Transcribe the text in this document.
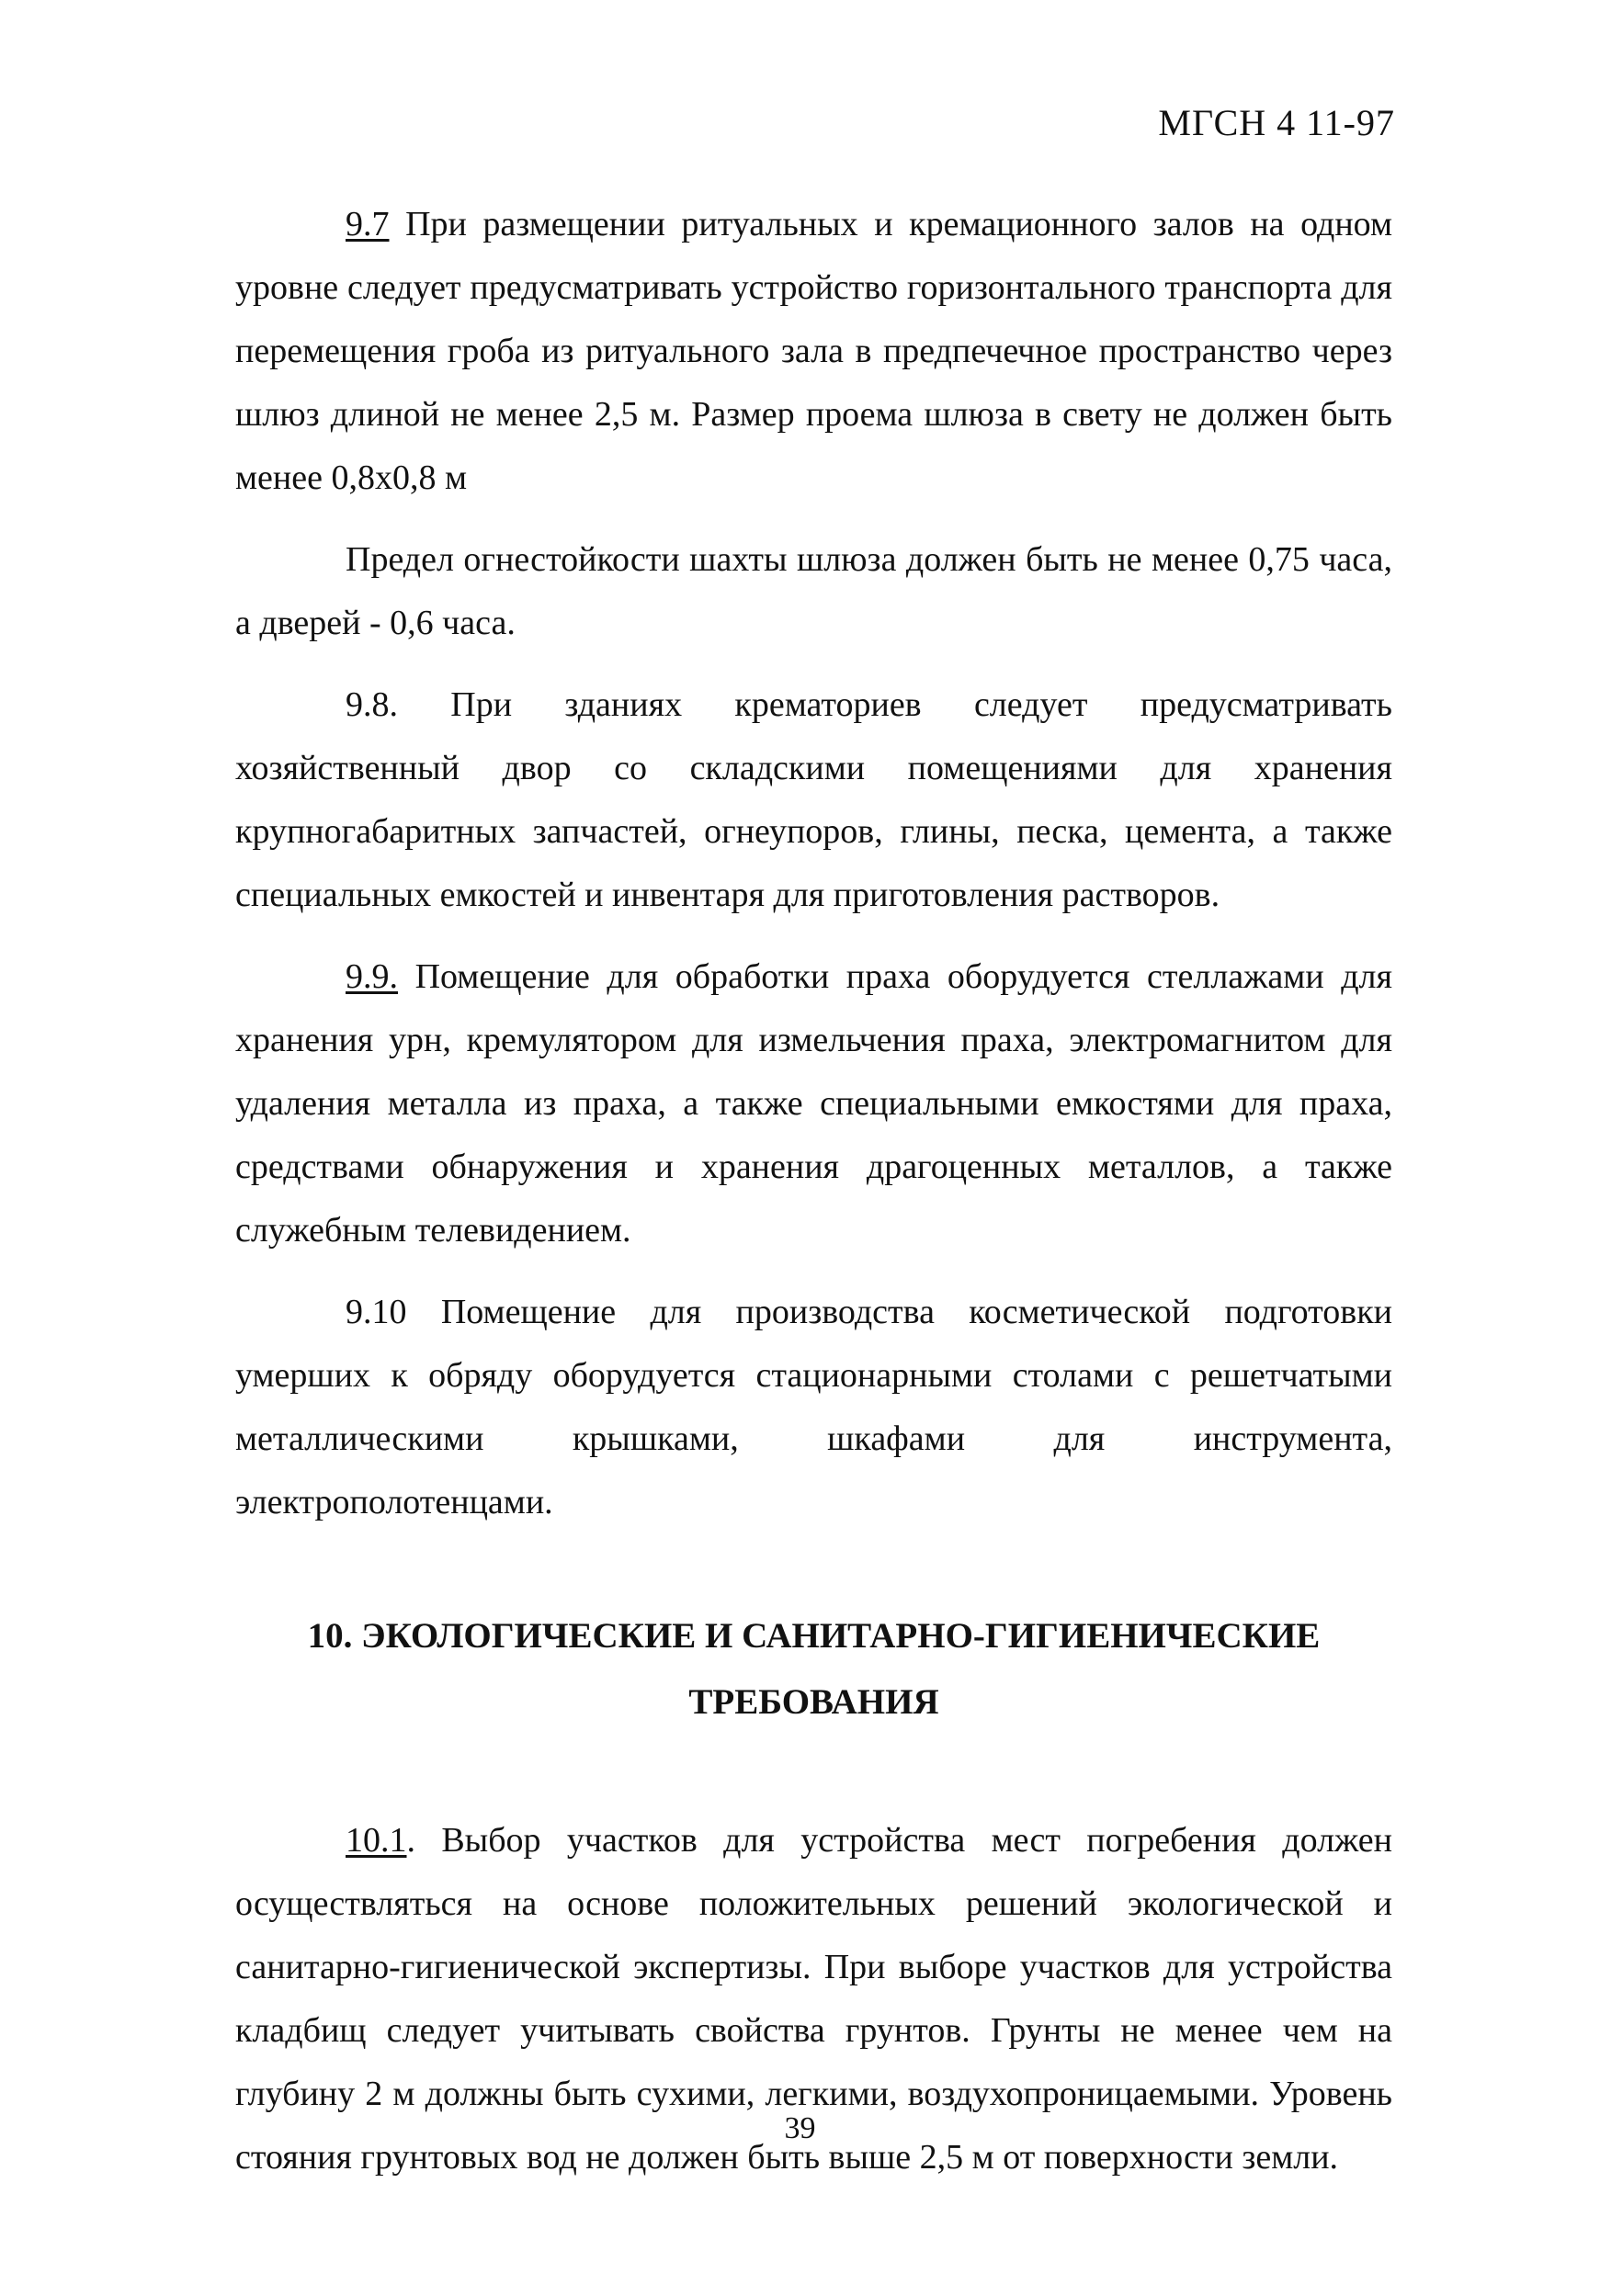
МГСН 4 11-97

9.7 При размещении ритуальных и кремационного залов на одном уровне следует предусматривать устройство горизонтального транспорта для перемещения гроба из ритуального зала в предпечечное пространство через шлюз длиной не менее 2,5 м. Размер проема шлюза в свету не должен быть менее 0,8х0,8 м

Предел огнестойкости шахты шлюза должен быть не менее 0,75 часа, а дверей - 0,6 часа.

9.8. При зданиях крематориев следует предусматривать хозяйственный двор со складскими помещениями для хранения крупногабаритных запчастей, огнеупоров, глины, песка, цемента, а также специальных емкостей и инвентаря для приготовления растворов.

9.9. Помещение для обработки праха оборудуется стеллажами для хранения урн, кремулятором для измельчения праха, электромагнитом для удаления металла из праха, а также специальными емкостями для праха, средствами обнаружения и хранения драгоценных металлов, а также служебным телевидением.

9.10 Помещение для производства косметической подготовки умерших к обряду оборудуется стационарными столами с решетчатыми металлическими крышками, шкафами для инструмента, электрополотенцами.

10. ЭКОЛОГИЧЕСКИЕ И САНИТАРНО-ГИГИЕНИЧЕСКИЕ
ТРЕБОВАНИЯ

10.1. Выбор участков для устройства мест погребения должен осуществляться на основе положительных решений экологической и санитарно-гигиенической экспертизы. При выборе участков для устройства кладбищ следует учитывать свойства грунтов. Грунты не менее чем на глубину 2 м должны быть сухими, легкими, воздухопроницаемыми. Уровень стояния грунтовых вод не должен быть выше 2,5 м от поверхности земли.

39
